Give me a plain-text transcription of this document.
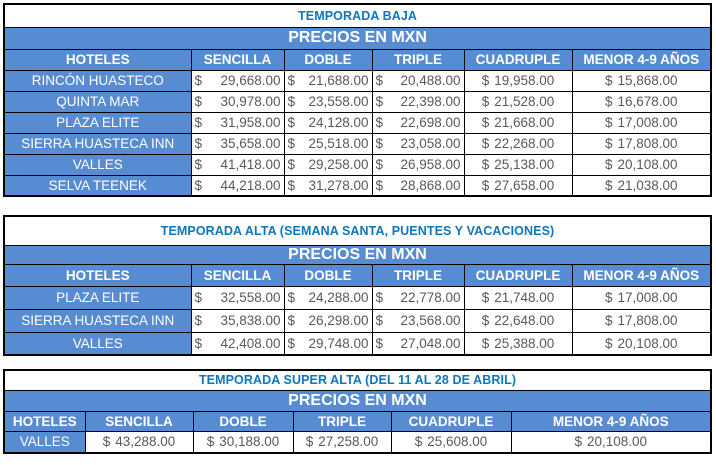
TEMPORADA BAJA					
PRECIOS EN MXN					
HOTELES	SENCILLA	DOBLE	TRIPLE	CUADRUPLE	MENOR 4-9 AÑOS
RINCÓN HUASTECO	$ 29,668.00	$ 21,688.00	$ 20,488.00	$ 19,958.00	$ 15,868.00

QUINTA MAR	$ 30,978.00	$ 23,558.00	$ 22,398.00	$ 21,528.00	$ 16,678.00

PLAZA ELITE	$ 31,958.00	$ 24,128.00	$ 22,698.00	$ 21,668.00	$ 17,008.00

SIERRA HUASTECA INN	$ 35,658.00	$ 25,518.00	$ 23,058.00	$ 22,268.00	$ 17,808.00

VALLES	$ 41,418.00	$ 29,258.00	$ 26,958.00	$ 25,138.00	$ 20,108.00

SELVA TEENEK	$ 44,218.00	$ 31,278.00	$ 28,868.00	$ 27,658.00	$ 21,038.00
TEMPORADA ALTA (SEMANA SANTA, PUENTES Y VACACIONES)					
PRECIOS EN MXN					
HOTELES	SENCILLA	DOBLE	TRIPLE	CUADRUPLE	MENOR 4-9 AÑOS
PLAZA ELITE	$ 32,558.00	$ 24,288.00	$ 22,778.00	$ 21,748.00	$ 17,008.00

SIERRA HUASTECA INN	$ 35,838.00	$ 26,298.00	$ 23,568.00	$ 22,648.00	$ 17,808.00

VALLES	$ 42,408.00	$ 29,748.00	$ 27,048.00	$ 25,388.00	$ 20,108.00
TEMPORADA SUPER ALTA (DEL 11 AL 28 DE ABRIL)					
PRECIOS EN MXN					
HOTELES	SENCILLA	DOBLE	TRIPLE	CUADRUPLE	MENOR 4-9 AÑOS
VALLES	$ 43,288.00	$ 30,188.00	$ 27,258.00	$ 25,608.00	$ 20,108.00
